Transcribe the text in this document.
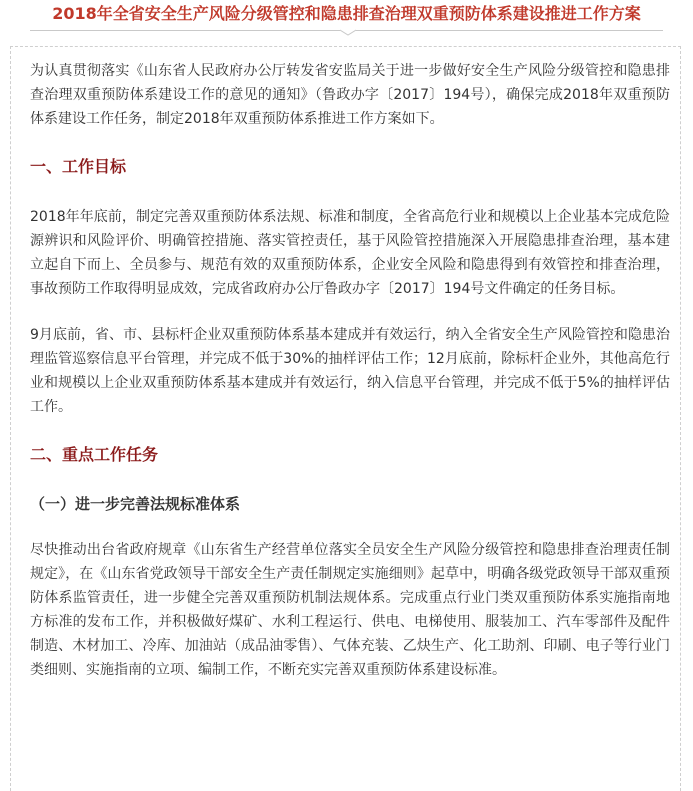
2018年全省安全生产风险分级管控和隐患排查治理双重预防体系建设推进工作方案

为认真贯彻落实《山东省人民政府办公厅转发省安监局关于进一步做好安全生产风险分级管控和隐患排查治理双重预防体系建设工作的意见的通知》（鲁政办字〔2017〕194号），确保完成2018年双重预防体系建设工作任务，制定2018年双重预防体系推进工作方案如下。

一、工作目标

2018年年底前，制定完善双重预防体系法规、标准和制度，全省高危行业和规模以上企业基本完成危险源辨识和风险评价、明确管控措施、落实管控责任，基于风险管控措施深入开展隐患排查治理，基本建立起自下而上、全员参与、规范有效的双重预防体系，企业安全风险和隐患得到有效管控和排查治理，事故预防工作取得明显成效，完成省政府办公厅鲁政办字〔2017〕194号文件确定的任务目标。

9月底前，省、市、县标杆企业双重预防体系基本建成并有效运行，纳入全省安全生产风险管控和隐患治理监管巡察信息平台管理，并完成不低于30%的抽样评估工作；12月底前，除标杆企业外，其他高危行业和规模以上企业双重预防体系基本建成并有效运行，纳入信息平台管理，并完成不低于5%的抽样评估工作。

二、重点工作任务

（一）进一步完善法规标准体系

尽快推动出台省政府规章《山东省生产经营单位落实全员安全生产风险分级管控和隐患排查治理责任制规定》，在《山东省党政领导干部安全生产责任制规定实施细则》起草中，明确各级党政领导干部双重预防体系监管责任，进一步健全完善双重预防机制法规体系。完成重点行业门类双重预防体系实施指南地方标准的发布工作，并积极做好煤矿、水利工程运行、供电、电梯使用、服装加工、汽车零部件及配件制造、木材加工、冷库、加油站（成品油零售）、气体充装、乙炔生产、化工助剂、印刷、电子等行业门类细则、实施指南的立项、编制工作，不断充实完善双重预防体系建设标准。
